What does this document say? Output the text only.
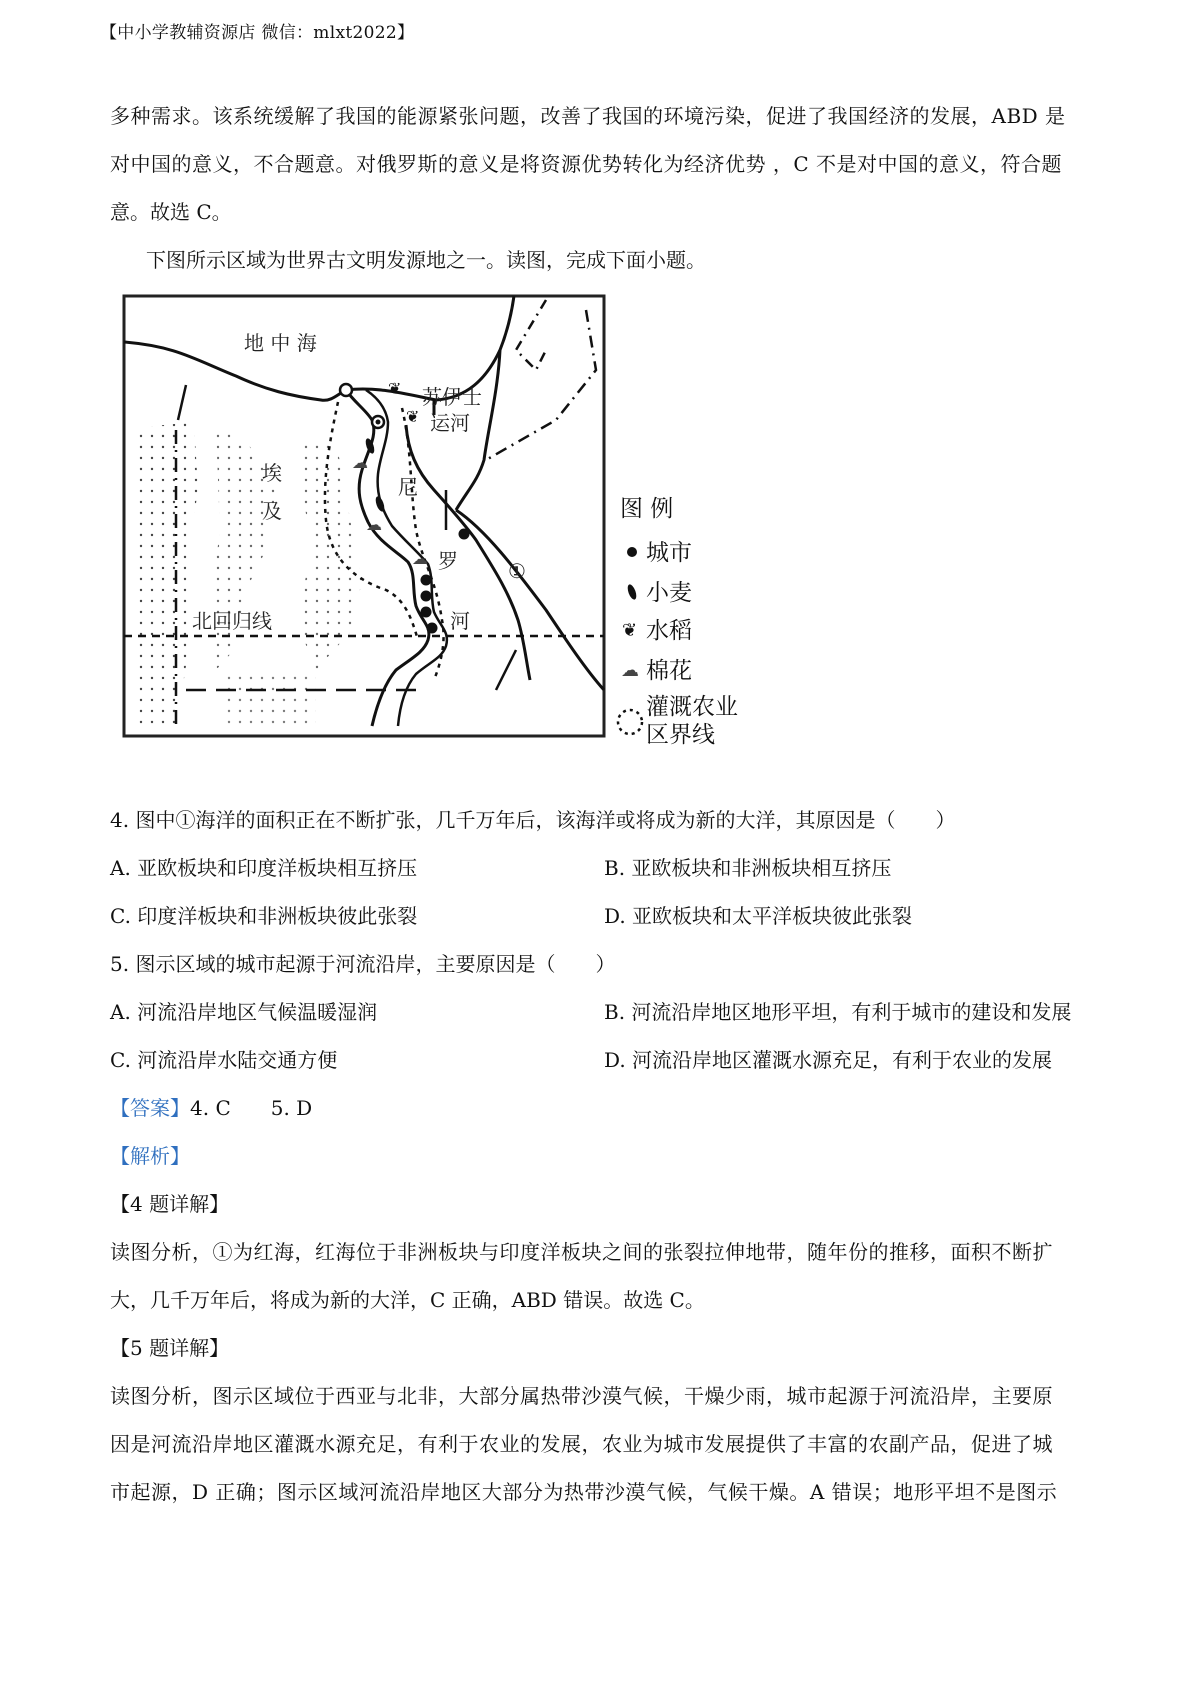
【中小学教辅资源店 微信：mlxt2022】
多种需求。该系统缓解了我国的能源紧张问题，改善了我国的环境污染，促进了我国经济的发展，ABD 是
对中国的意义，不合题意。对俄罗斯的意义是将资源优势转化为经济优势 ，C 不是对中国的意义，符合题
意。故选 C。
下图所示区域为世界古文明发源地之一。读图，完成下面小题。
❦
❦
☁
☁
☁
地 中 海
苏伊士
运河
埃
及
尼
罗
河
①
北回归线
图 例
城市
小麦
❦ 水稻
☁ 棉花
灌溉农业
区界线
4. 图中①海洋的面积正在不断扩张，几千万年后，该海洋或将成为新的大洋，其原因是（　　）
A. 亚欧板块和印度洋板块相互挤压	B. 亚欧板块和非洲板块相互挤压
C. 印度洋板块和非洲板块彼此张裂	D. 亚欧板块和太平洋板块彼此张裂
5. 图示区域的城市起源于河流沿岸，主要原因是（　　）
A. 河流沿岸地区气候温暖湿润	B. 河流沿岸地区地形平坦，有利于城市的建设和发展
C. 河流沿岸水陆交通方便	D. 河流沿岸地区灌溉水源充足，有利于农业的发展
【答案】4. C　　5. D
【解析】
【4 题详解】
读图分析，①为红海，红海位于非洲板块与印度洋板块之间的张裂拉伸地带，随年份的推移，面积不断扩
大，几千万年后，将成为新的大洋，C 正确，ABD 错误。故选 C。
【5 题详解】
读图分析，图示区域位于西亚与北非，大部分属热带沙漠气候，干燥少雨，城市起源于河流沿岸，主要原
因是河流沿岸地区灌溉水源充足，有利于农业的发展，农业为城市发展提供了丰富的农副产品，促进了城
市起源，D 正确；图示区域河流沿岸地区大部分为热带沙漠气候，气候干燥。A 错误；地形平坦不是图示
